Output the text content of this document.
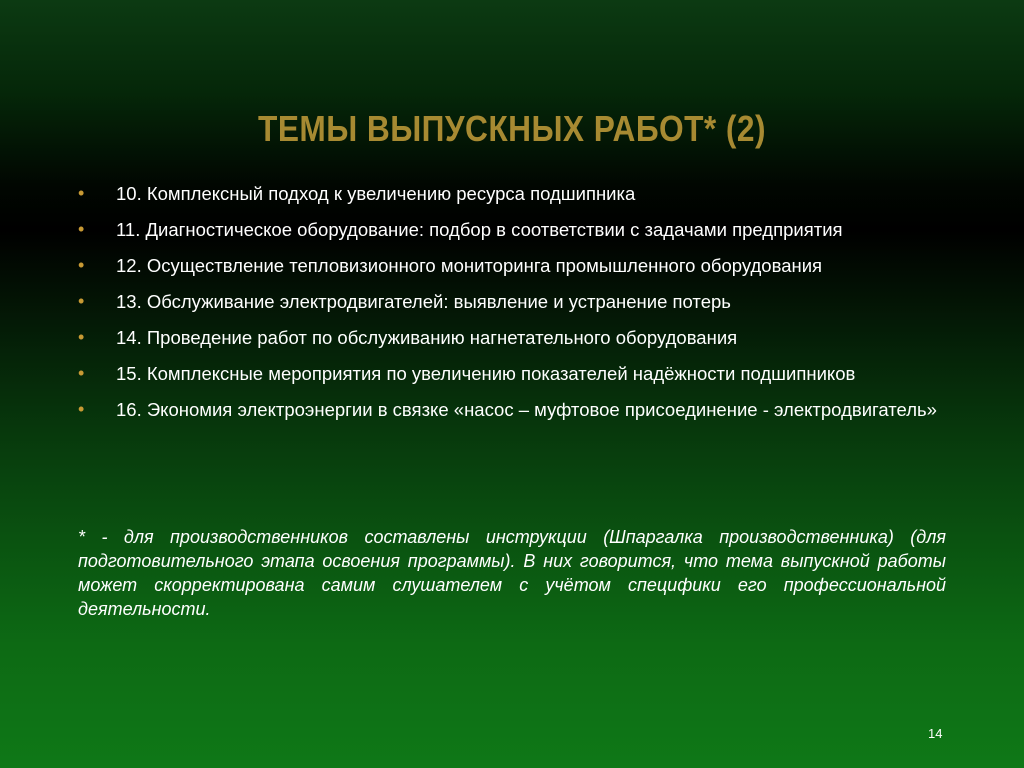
ТЕМЫ ВЫПУСКНЫХ РАБОТ* (2)
• 10. Комплексный подход к увеличению ресурса подшипника
• 11. Диагностическое оборудование: подбор в соответствии с задачами предприятия
• 12. Осуществление тепловизионного мониторинга промышленного оборудования
• 13. Обслуживание электродвигателей: выявление и устранение потерь
• 14. Проведение работ по обслуживанию нагнетательного оборудования
• 15. Комплексные мероприятия по увеличению показателей надёжности подшипников
• 16. Экономия электроэнергии в связке «насос – муфтовое присоединение - электродвигатель»

* - для производственников составлены инструкции (Шпаргалка производственника) (для подготовительного этапа освоения программы). В них говорится, что тема выпускной работы может скорректирована самим слушателем с учётом специфики его профессиональной деятельности.

14
